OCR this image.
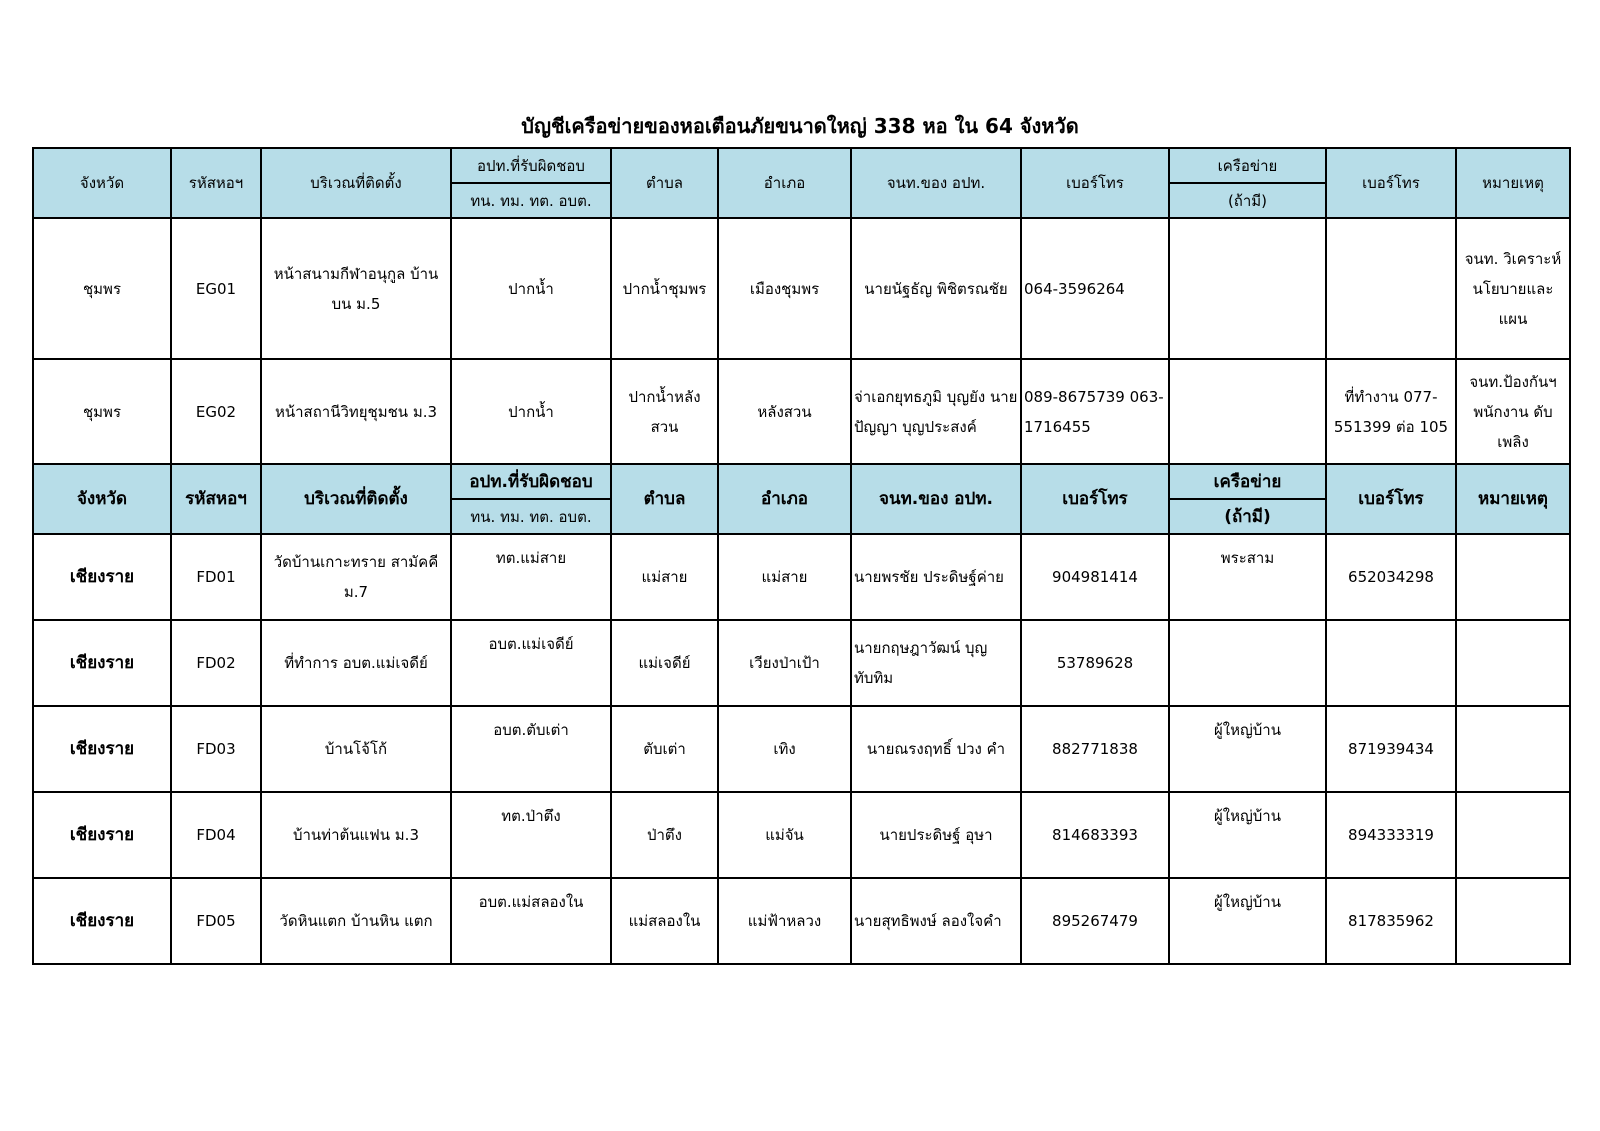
บัญชีเครือข่ายของหอเตือนภัยขนาดใหญ่ 338 หอ ใน 64 จังหวัด
จังหวัด	รหัสหอฯ	บริเวณที่ติดตั้ง	อปท.ที่รับผิดชอบ	ตำบล	อำเภอ	จนท.ของ อปท.	เบอร์โทร	เครือข่าย	เบอร์โทร	หมายเหตุ
			ทน. ทม. ทต. อบต.					(ถ้ามี)		
ชุมพร	EG01	หน้าสนามกีฬาอนุกูล บ้านบน ม.5	ปากน้ำ	ปากน้ำชุมพร	เมืองชุมพร	นายนัฐธัญ พิชิตรณชัย	064-3596264			จนท. วิเคราะห์ นโยบายและ แผน
ชุมพร	EG02	หน้าสถานีวิทยุชุมชน ม.3	ปากน้ำ	ปากน้ำหลัง สวน	หลังสวน	จ่าเอกยุทธภูมิ บุญยัง นายปัญญา บุญประสงค์	089-8675739 063-1716455		ที่ทำงาน 077-551399 ต่อ 105	จนท.ป้องกันฯ พนักงาน ดับเพลิง
จังหวัด	รหัสหอฯ	บริเวณที่ติดตั้ง	อปท.ที่รับผิดชอบ	ตำบล	อำเภอ	จนท.ของ อปท.	เบอร์โทร	เครือข่าย	เบอร์โทร	หมายเหตุ
			ทน. ทม. ทต. อบต.					(ถ้ามี)		
เชียงราย	FD01	วัดบ้านเกาะทราย สามัคคี ม.7	ทต.แม่สาย	แม่สาย	แม่สาย	นายพรชัย ประดิษฐ์ค่าย	904981414	พระสาม	652034298	
เชียงราย	FD02	ที่ทำการ อบต.แม่เจดีย์	อบต.แม่เจดีย์	แม่เจดีย์	เวียงป่าเป้า	นายกฤษฎาวัฒน์ บุญทับทิม	53789628			
เชียงราย	FD03	บ้านโจ้โก้	อบต.ตับเต่า	ตับเต่า	เทิง	นายณรงฤทธิ์ ปวง คำ	882771838	ผู้ใหญ่บ้าน	871939434	
เชียงราย	FD04	บ้านท่าต้นแฟน ม.3	ทต.ป่าตึง	ป่าตึง	แม่จัน	นายประดิษฐ์ อุษา	814683393	ผู้ใหญ่บ้าน	894333319	
เชียงราย	FD05	วัดหินแตก บ้านหิน แตก	อบต.แม่สลองใน	แม่สลองใน	แม่ฟ้าหลวง	นายสุทธิพงษ์ ลองใจคำ	895267479	ผู้ใหญ่บ้าน	817835962	
